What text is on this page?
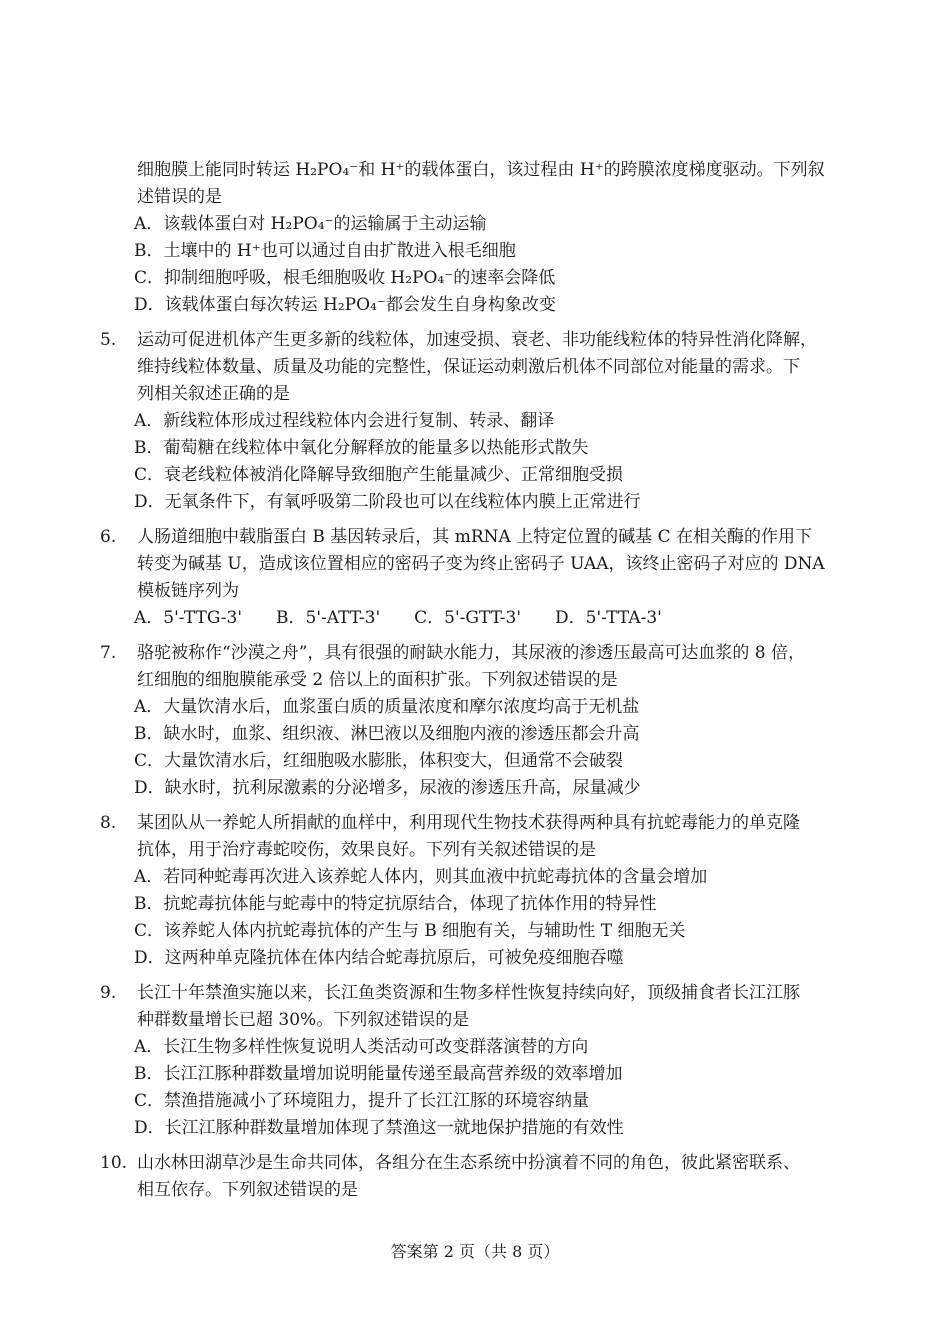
细胞膜上能同时转运 H₂PO₄⁻和 H⁺的载体蛋白，该过程由 H⁺的跨膜浓度梯度驱动。下列叙
述错误的是
A．该载体蛋白对 H₂PO₄⁻的运输属于主动运输
B．土壤中的 H⁺也可以通过自由扩散进入根毛细胞
C．抑制细胞呼吸，根毛细胞吸收 H₂PO₄⁻的速率会降低
D．该载体蛋白每次转运 H₂PO₄⁻都会发生自身构象改变
5. 运动可促进机体产生更多新的线粒体，加速受损、衰老、非功能线粒体的特异性消化降解，
维持线粒体数量、质量及功能的完整性，保证运动刺激后机体不同部位对能量的需求。下
列相关叙述正确的是
A．新线粒体形成过程线粒体内会进行复制、转录、翻译
B．葡萄糖在线粒体中氧化分解释放的能量多以热能形式散失
C．衰老线粒体被消化降解导致细胞产生能量减少、正常细胞受损
D．无氧条件下，有氧呼吸第二阶段也可以在线粒体内膜上正常进行
6. 人肠道细胞中载脂蛋白 B 基因转录后，其 mRNA 上特定位置的碱基 C 在相关酶的作用下
转变为碱基 U，造成该位置相应的密码子变为终止密码子 UAA，该终止密码子对应的 DNA
模板链序列为
A．5'-TTG-3' B．5'-ATT-3' C．5'-GTT-3' D．5'-TTA-3'
7. 骆驼被称作“沙漠之舟”，具有很强的耐缺水能力，其尿液的渗透压最高可达血浆的 8 倍，
红细胞的细胞膜能承受 2 倍以上的面积扩张。下列叙述错误的是
A．大量饮清水后，血浆蛋白质的质量浓度和摩尔浓度均高于无机盐
B．缺水时，血浆、组织液、淋巴液以及细胞内液的渗透压都会升高
C．大量饮清水后，红细胞吸水膨胀，体积变大，但通常不会破裂
D．缺水时，抗利尿激素的分泌增多，尿液的渗透压升高，尿量减少
8. 某团队从一养蛇人所捐献的血样中，利用现代生物技术获得两种具有抗蛇毒能力的单克隆
抗体，用于治疗毒蛇咬伤，效果良好。下列有关叙述错误的是
A．若同种蛇毒再次进入该养蛇人体内，则其血液中抗蛇毒抗体的含量会增加
B．抗蛇毒抗体能与蛇毒中的特定抗原结合，体现了抗体作用的特异性
C．该养蛇人体内抗蛇毒抗体的产生与 B 细胞有关，与辅助性 T 细胞无关
D．这两种单克隆抗体在体内结合蛇毒抗原后，可被免疫细胞吞噬
9. 长江十年禁渔实施以来，长江鱼类资源和生物多样性恢复持续向好，顶级捕食者长江江豚
种群数量增长已超 30%。下列叙述错误的是
A．长江生物多样性恢复说明人类活动可改变群落演替的方向
B．长江江豚种群数量增加说明能量传递至最高营养级的效率增加
C．禁渔措施减小了环境阻力，提升了长江江豚的环境容纳量
D．长江江豚种群数量增加体现了禁渔这一就地保护措施的有效性
10. 山水林田湖草沙是生命共同体，各组分在生态系统中扮演着不同的角色，彼此紧密联系、
相互依存。下列叙述错误的是
答案第 2 页（共 8 页）
